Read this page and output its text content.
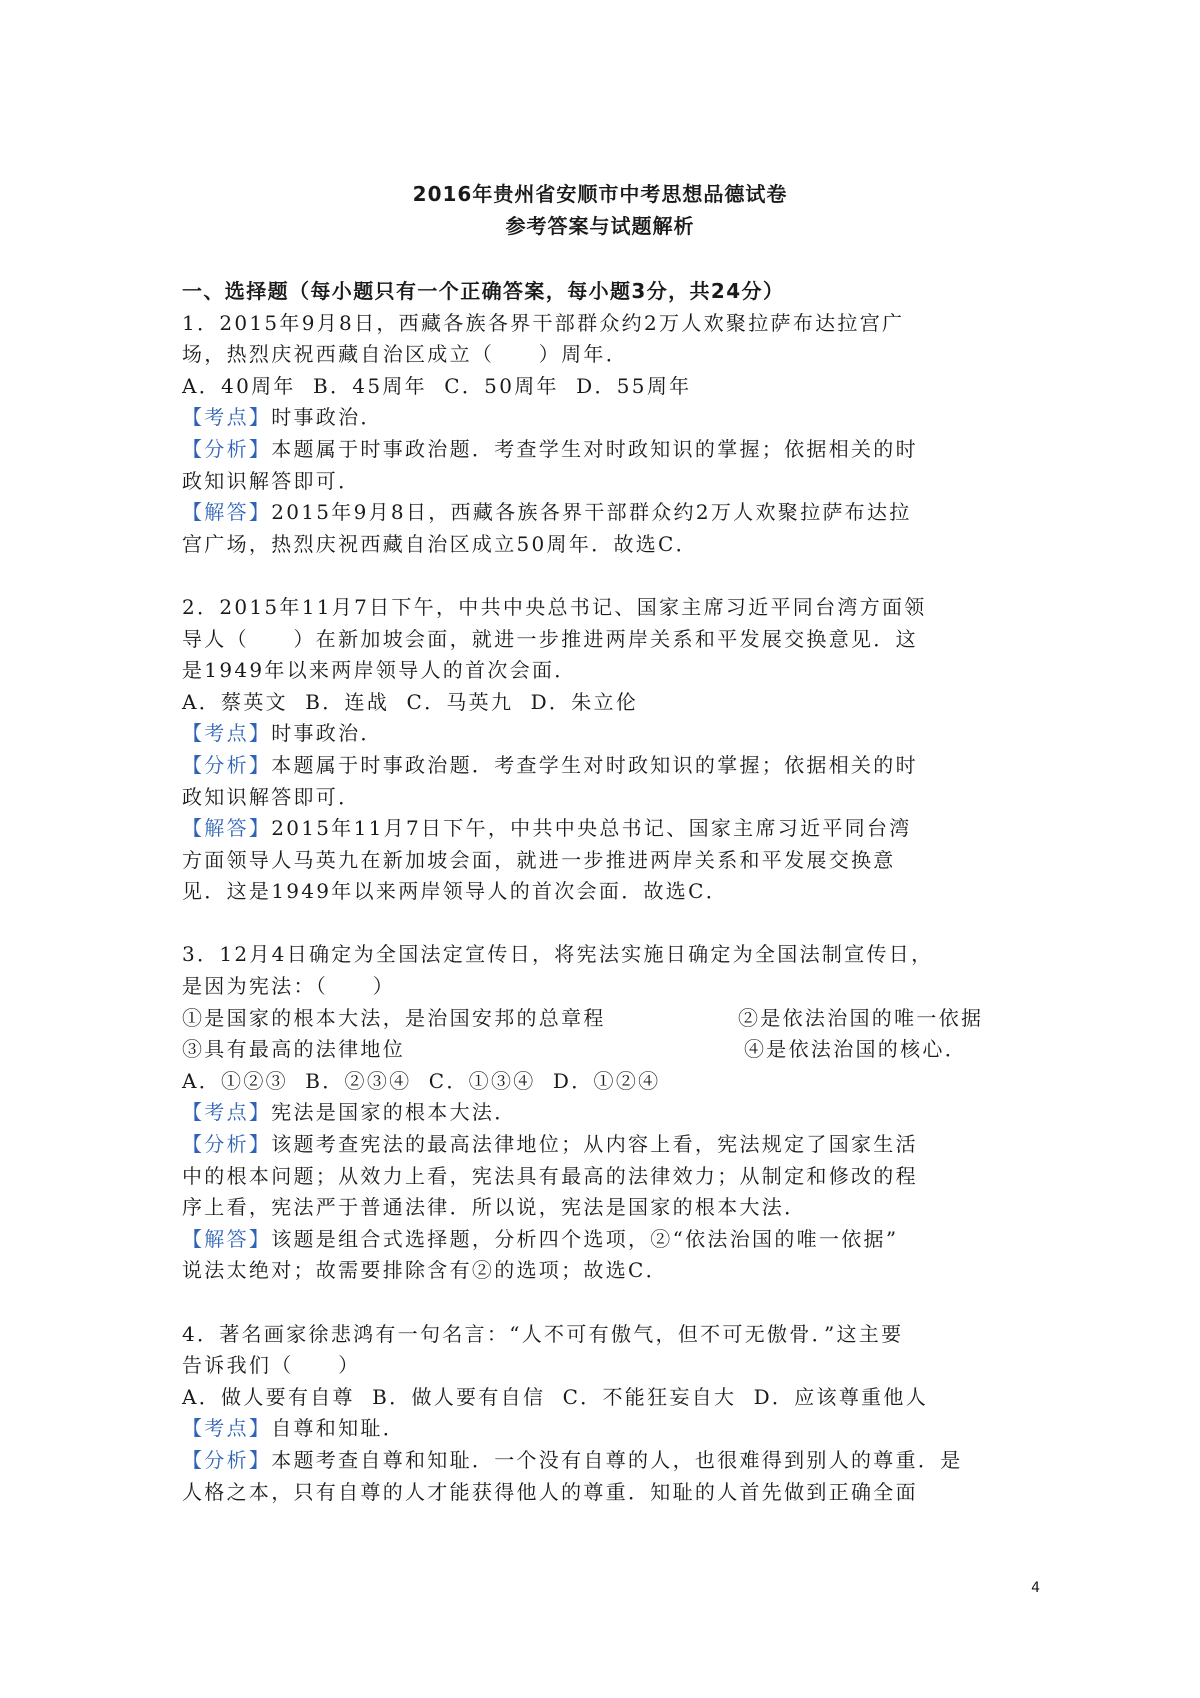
2016年贵州省安顺市中考思想品德试卷
参考答案与试题解析

一、选择题（每小题只有一个正确答案，每小题3分，共24分）

1．2015年9月8日，西藏各族各界干部群众约2万人欢聚拉萨布达拉宫广

场，热烈庆祝西藏自治区成立（　　）周年．

A．40周年  B．45周年  C．50周年  D．55周年

【考点】时事政治．

【分析】本题属于时事政治题．考查学生对时政知识的掌握；依据相关的时

政知识解答即可．

【解答】2015年9月8日，西藏各族各界干部群众约2万人欢聚拉萨布达拉

宫广场，热烈庆祝西藏自治区成立50周年．故选C．

2．2015年11月7日下午，中共中央总书记、国家主席习近平同台湾方面领

导人（　　）在新加坡会面，就进一步推进两岸关系和平发展交换意见．这

是1949年以来两岸领导人的首次会面．

A．蔡英文  B．连战  C．马英九  D．朱立伦

【考点】时事政治．

【分析】本题属于时事政治题．考查学生对时政知识的掌握；依据相关的时

政知识解答即可．

【解答】2015年11月7日下午，中共中央总书记、国家主席习近平同台湾

方面领导人马英九在新加坡会面，就进一步推进两岸关系和平发展交换意

见．这是1949年以来两岸领导人的首次会面．故选C．

3．12月4日确定为全国法定宣传日，将宪法实施日确定为全国法制宣传日，

是因为宪法：（　　）

①是国家的根本大法，是治国安邦的总章程	②是依法治国的唯一依据

③具有最高的法律地位	④是依法治国的核心．

A．①②③  B．②③④  C．①③④  D．①②④

【考点】宪法是国家的根本大法．

【分析】该题考查宪法的最高法律地位；从内容上看，宪法规定了国家生活

中的根本问题；从效力上看，宪法具有最高的法律效力；从制定和修改的程

序上看，宪法严于普通法律．所以说，宪法是国家的根本大法．

【解答】该题是组合式选择题，分析四个选项，②“依法治国的唯一依据”

说法太绝对；故需要排除含有②的选项；故选C．

4．著名画家徐悲鸿有一句名言：“人不可有傲气，但不可无傲骨．”这主要

告诉我们（　　）

A．做人要有自尊  B．做人要有自信  C．不能狂妄自大  D．应该尊重他人

【考点】自尊和知耻．

【分析】本题考查自尊和知耻．一个没有自尊的人，也很难得到别人的尊重．是

人格之本，只有自尊的人才能获得他人的尊重．知耻的人首先做到正确全面

4
